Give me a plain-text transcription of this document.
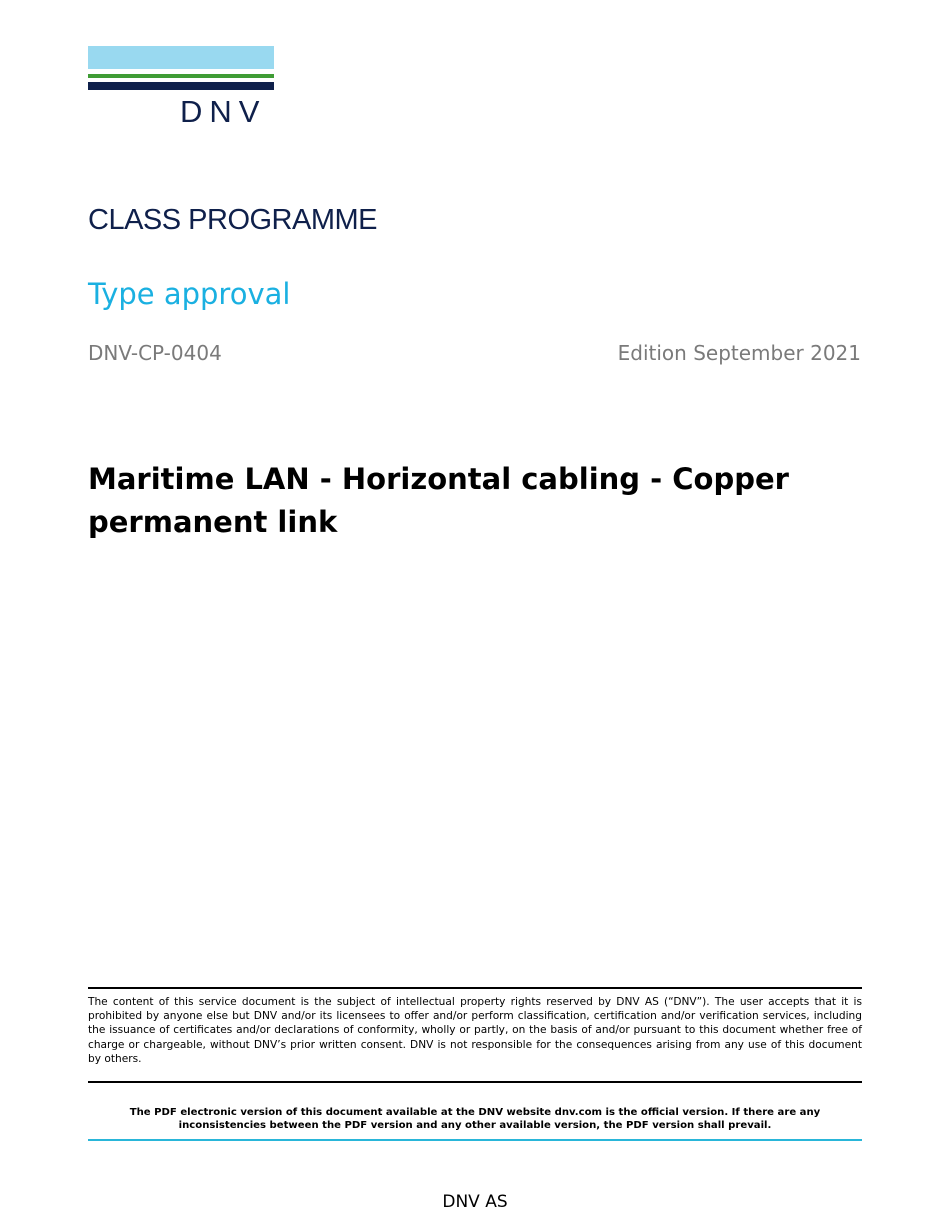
DNV
CLASS PROGRAMME
Type approval
DNV-CP-0404	Edition September 2021
Maritime LAN - Horizontal cabling - Copper permanent link

The content of this service document is the subject of intellectual property rights reserved by DNV AS (“DNV”). The user accepts that it is prohibited by anyone else but DNV and/or its licensees to offer and/or perform classification, certification and/or verification services, including the issuance of certificates and/or declarations of conformity, wholly or partly, on the basis of and/or pursuant to this document whether free of charge or chargeable, without DNV’s prior written consent. DNV is not responsible for the consequences arising from any use of this document by others.

The PDF electronic version of this document available at the DNV website dnv.com is the official version. If there are any inconsistencies between the PDF version and any other available version, the PDF version shall prevail.

DNV AS
